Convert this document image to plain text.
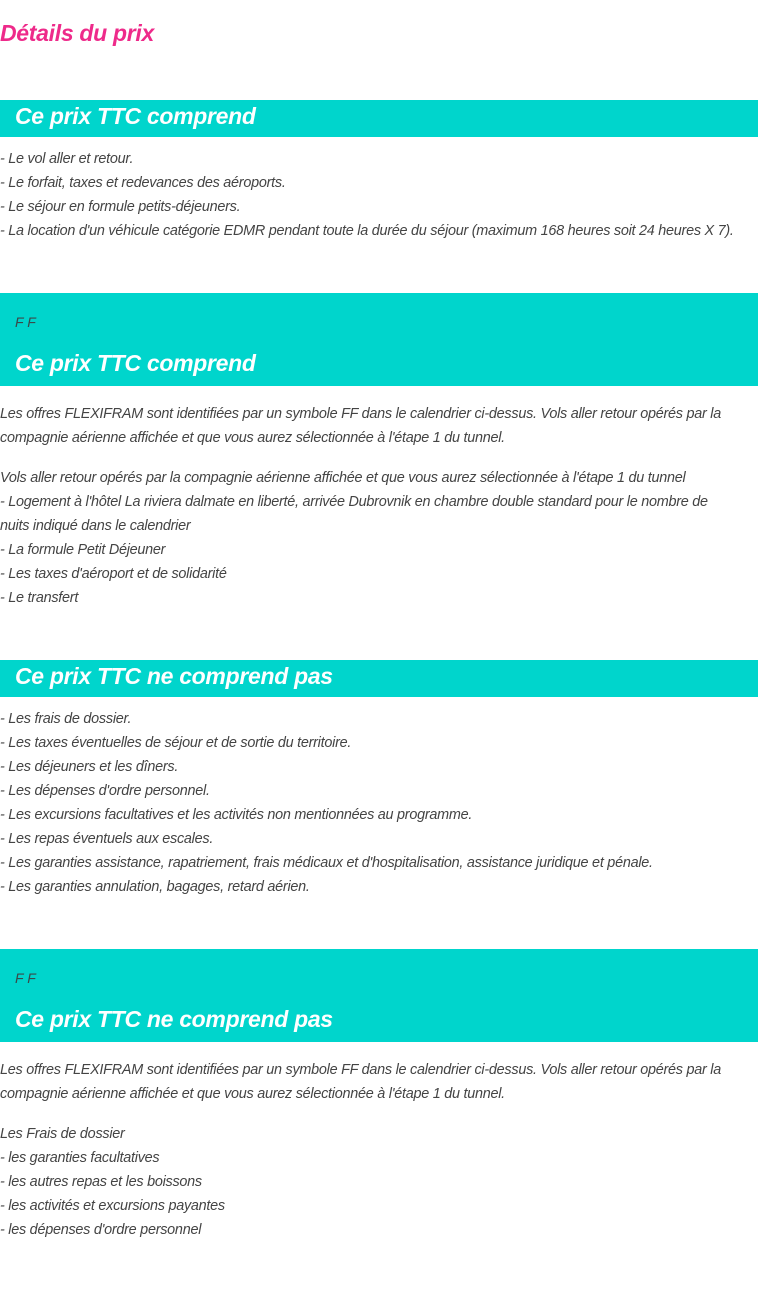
Détails du prix
Ce prix TTC comprend
- Le vol aller et retour.
- Le forfait, taxes et redevances des aéroports.
- Le séjour en formule petits-déjeuners.
- La location d'un véhicule catégorie EDMR pendant toute la durée du séjour (maximum 168 heures soit 24 heures X 7).
F F
Ce prix TTC comprend

Les offres FLEXIFRAM sont identifiées par un symbole FF dans le calendrier ci-dessus. Vols aller retour opérés par la compagnie aérienne affichée et que vous aurez sélectionnée à l'étape 1 du tunnel.

Vols aller retour opérés par la compagnie aérienne affichée et que vous aurez sélectionnée à l'étape 1 du tunnel
- Logement à l'hôtel La riviera dalmate en liberté, arrivée Dubrovnik en chambre double standard pour le nombre de nuits indiqué dans le calendrier
- La formule Petit Déjeuner
- Les taxes d'aéroport et de solidarité
- Le transfert
Ce prix TTC ne comprend pas
- Les frais de dossier.
- Les taxes éventuelles de séjour et de sortie du territoire.
- Les déjeuners et les dîners.
- Les dépenses d'ordre personnel.
- Les excursions facultatives et les activités non mentionnées au programme.
- Les repas éventuels aux escales.
- Les garanties assistance, rapatriement, frais médicaux et d'hospitalisation, assistance juridique et pénale.
- Les garanties annulation, bagages, retard aérien.
F F
Ce prix TTC ne comprend pas

Les offres FLEXIFRAM sont identifiées par un symbole FF dans le calendrier ci-dessus. Vols aller retour opérés par la compagnie aérienne affichée et que vous aurez sélectionnée à l'étape 1 du tunnel.

Les Frais de dossier
- les garanties facultatives
- les autres repas et les boissons
- les activités et excursions payantes
- les dépenses d'ordre personnel
